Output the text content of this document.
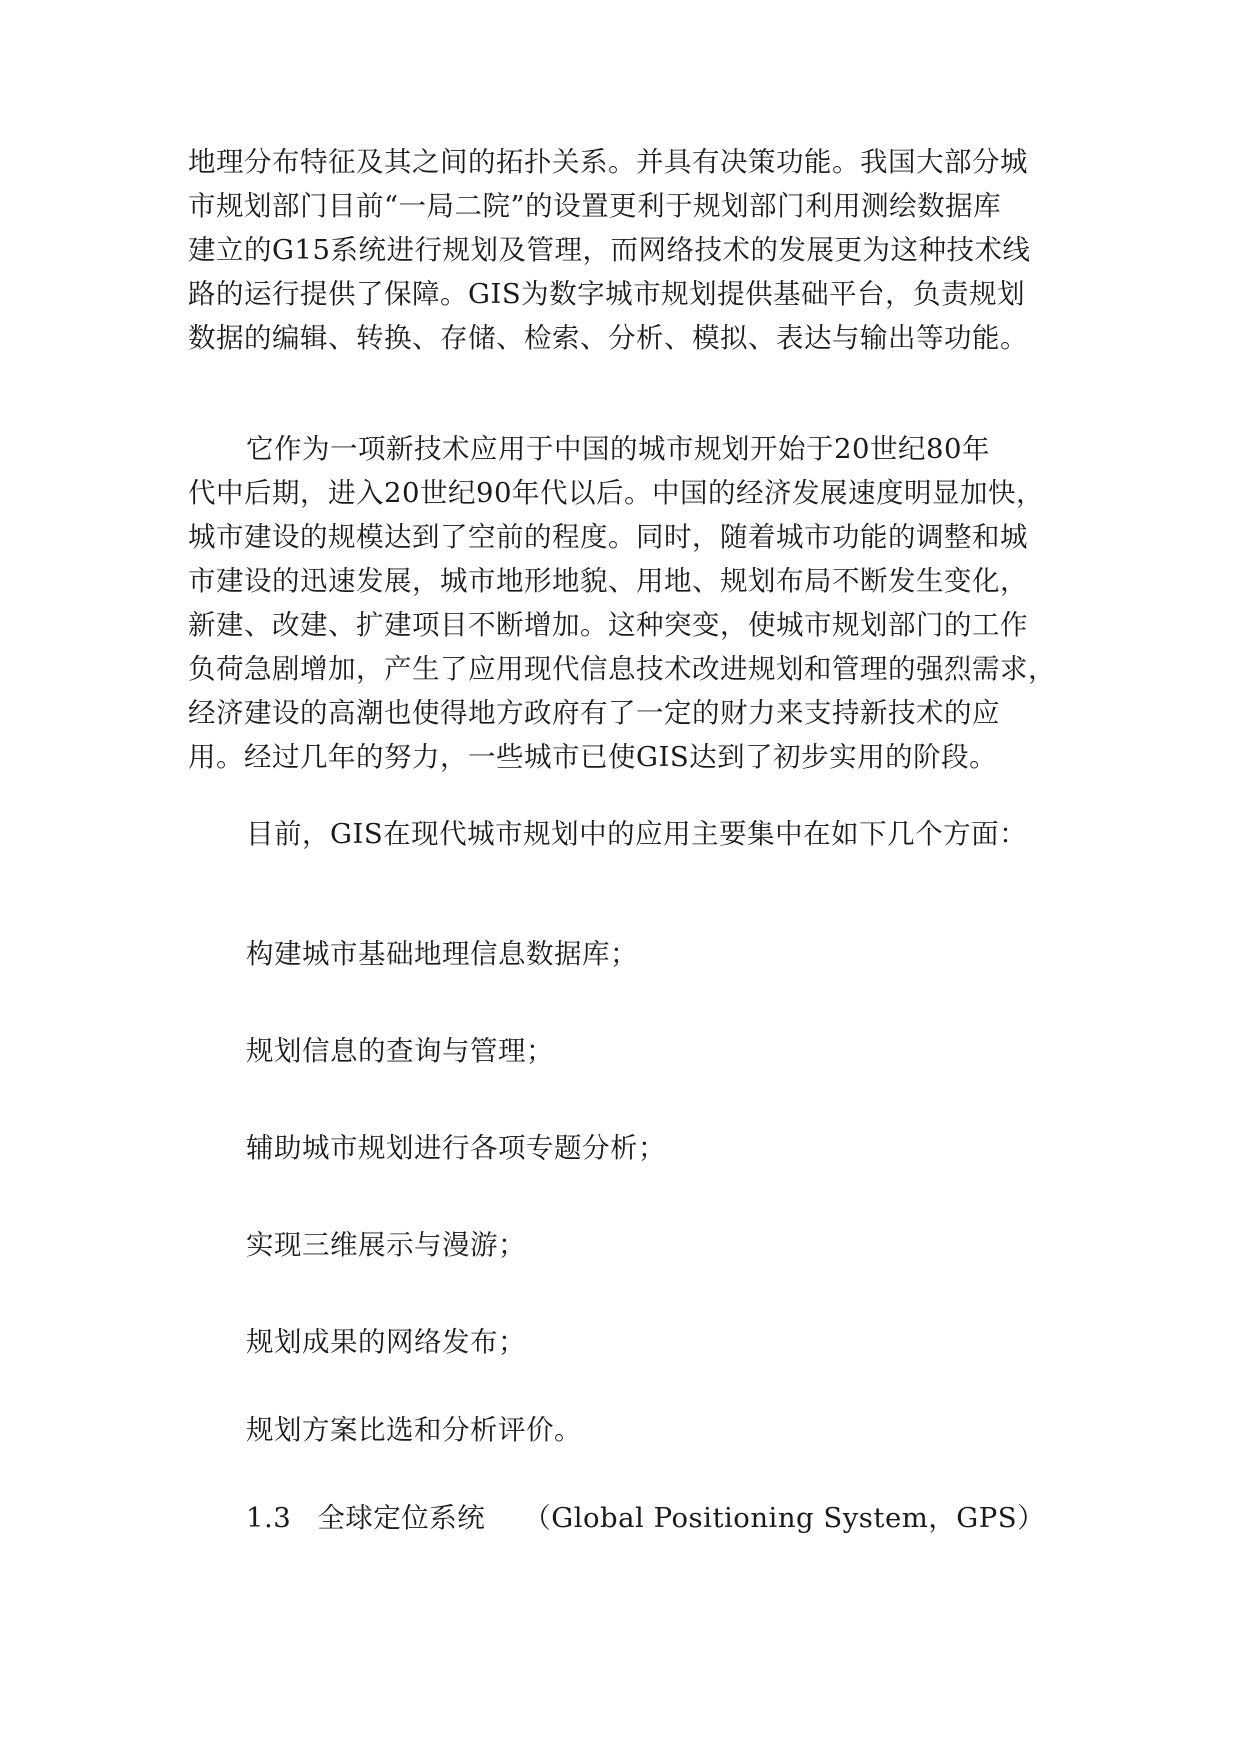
地理分布特征及其之间的拓扑关系。并具有决策功能。我国大部分城
市规划部门目前“一局二院”的设置更利于规划部门利用测绘数据库
建立的G15系统进行规划及管理，而网络技术的发展更为这种技术线
路的运行提供了保障。GIS为数字城市规划提供基础平台，负责规划
数据的编辑、转换、存储、检索、分析、模拟、表达与输出等功能。
它作为一项新技术应用于中国的城市规划开始于20世纪80年
代中后期，进入20世纪90年代以后。中国的经济发展速度明显加快，
城市建设的规模达到了空前的程度。同时，随着城市功能的调整和城
市建设的迅速发展，城市地形地貌、用地、规划布局不断发生变化，
新建、改建、扩建项目不断增加。这种突变，使城市规划部门的工作
负荷急剧增加，产生了应用现代信息技术改进规划和管理的强烈需求，
经济建设的高潮也使得地方政府有了一定的财力来支持新技术的应
用。经过几年的努力，一些城市已使GIS达到了初步实用的阶段。
目前，GIS在现代城市规划中的应用主要集中在如下几个方面：

构建城市基础地理信息数据库；

规划信息的查询与管理；

辅助城市规划进行各项专题分析；

实现三维展示与漫游；

规划成果的网络发布；

规划方案比选和分析评价。

1.3 全球定位系统 （Global Positioning System，GPS）
